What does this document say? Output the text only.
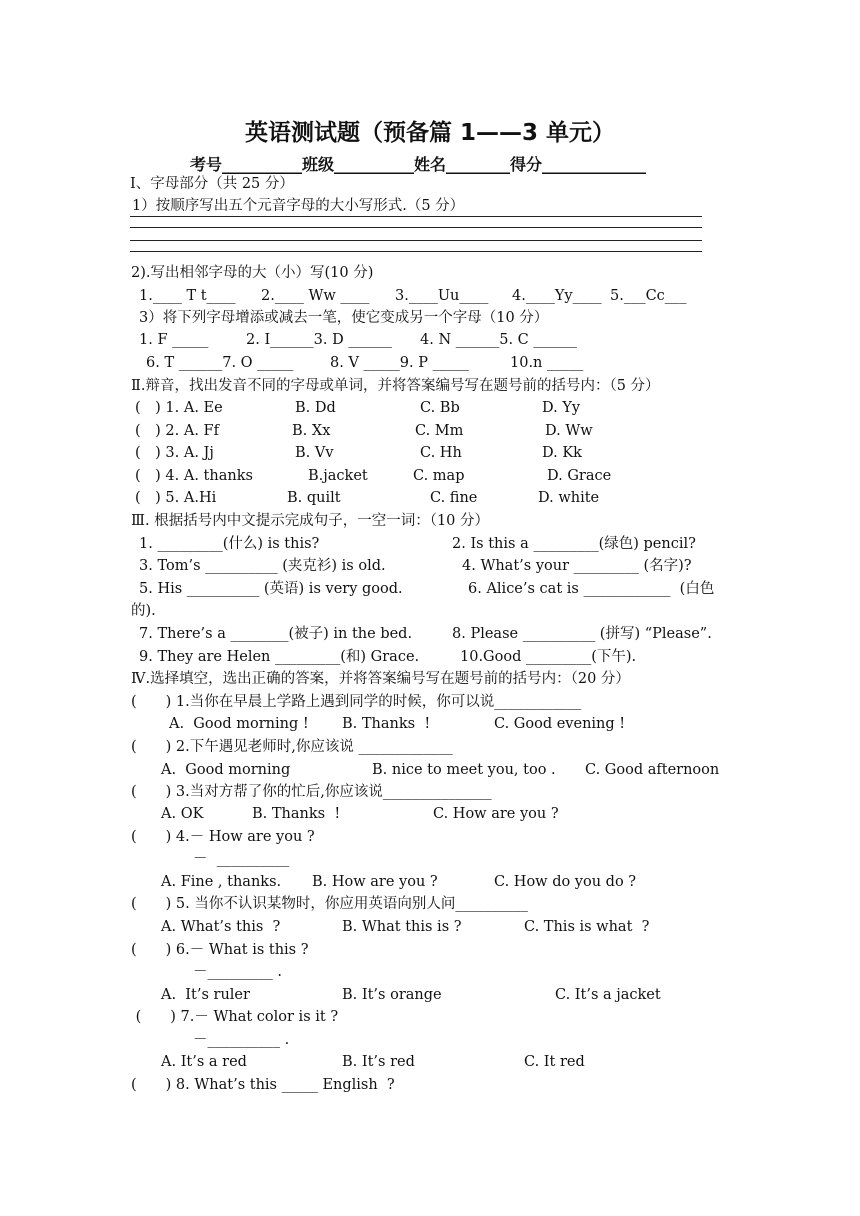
英语测试题（预备篇 1——3 单元）
考号__________班级__________姓名________得分_____________
Ⅰ、字母部分（共 25 分）
1）按顺序写出五个元音字母的大小写形式.（5 分）
2).写出相邻字母的大（小）写(10 分)
1.____ T t____ 2.____ Ww ____ 3.____Uu____ 4.____Yy____ 5.___Cc___
3）将下列字母增添或减去一笔，使它变成另一个字母（10 分）
1. F _____	2. I______3. D ______ 4. N ______5. C ______
6. T ______7. O _____	8. V _____9. P _____	10.n _____
Ⅱ.辩音，找出发音不同的字母或单词，并将答案编号写在题号前的括号内：（5 分）
(　) 1. A. Ee	B. Dd	C. Bb	D. Yy
(　) 2. A. Ff	B. Xx	C. Mm	D. Ww
(　) 3. A. Jj	B. Vv	C. Hh	D. Kk
(　) 4. A. thanks	B.jacket	C. map	D. Grace
(　) 5. A.Hi	B. quilt	C. fine	D. white
Ⅲ. 根据括号内中文提示完成句子，一空一词：（10 分）
1. _________(什么) is this?	2. Is this a _________(绿色) pencil?
3. Tom’s __________ (夹克衫) is old.	4. What’s your _________ (名字)?
5. His __________ (英语) is very good.	6. Alice’s cat is ____________  (白色
的).
7. There’s a ________(被子) in the bed.	8. Please __________ (拼写) “Please”.
9. They are Helen _________(和) Grace.	10.Good _________(下午).
Ⅳ.选择填空，选出正确的答案，并将答案编号写在题号前的括号内：（20 分）
(　　) 1.当你在早晨上学路上遇到同学的时候，你可以说____________
A.  Good morning ! B. Thanks  !	C. Good evening !
(　　) 2.下午遇见老师时,你应该说 _____________
A.  Good morning	B. nice to meet you, too . C. Good afternoon
(　　) 3.当对方帮了你的忙后,你应该说_______________
A. OK	B. Thanks  !	C. How are you ?
(　　) 4.－ How are you ?
－  __________
A. Fine , thanks. B. How are you ?	C. How do you do ?
(　　) 5. 当你不认识某物时，你应用英语向别人问__________
A. What’s this  ?	B. What this is ?	C. This is what  ?
(　　) 6.－ What is this ?
－_________ .
A.  It’s ruler	B. It’s orange	C. It’s a jacket
(　　) 7.－ What color is it ?
－__________ .
A. It’s a red	B. It’s red	C. It red
(　　) 8. What’s this _____ English  ?
